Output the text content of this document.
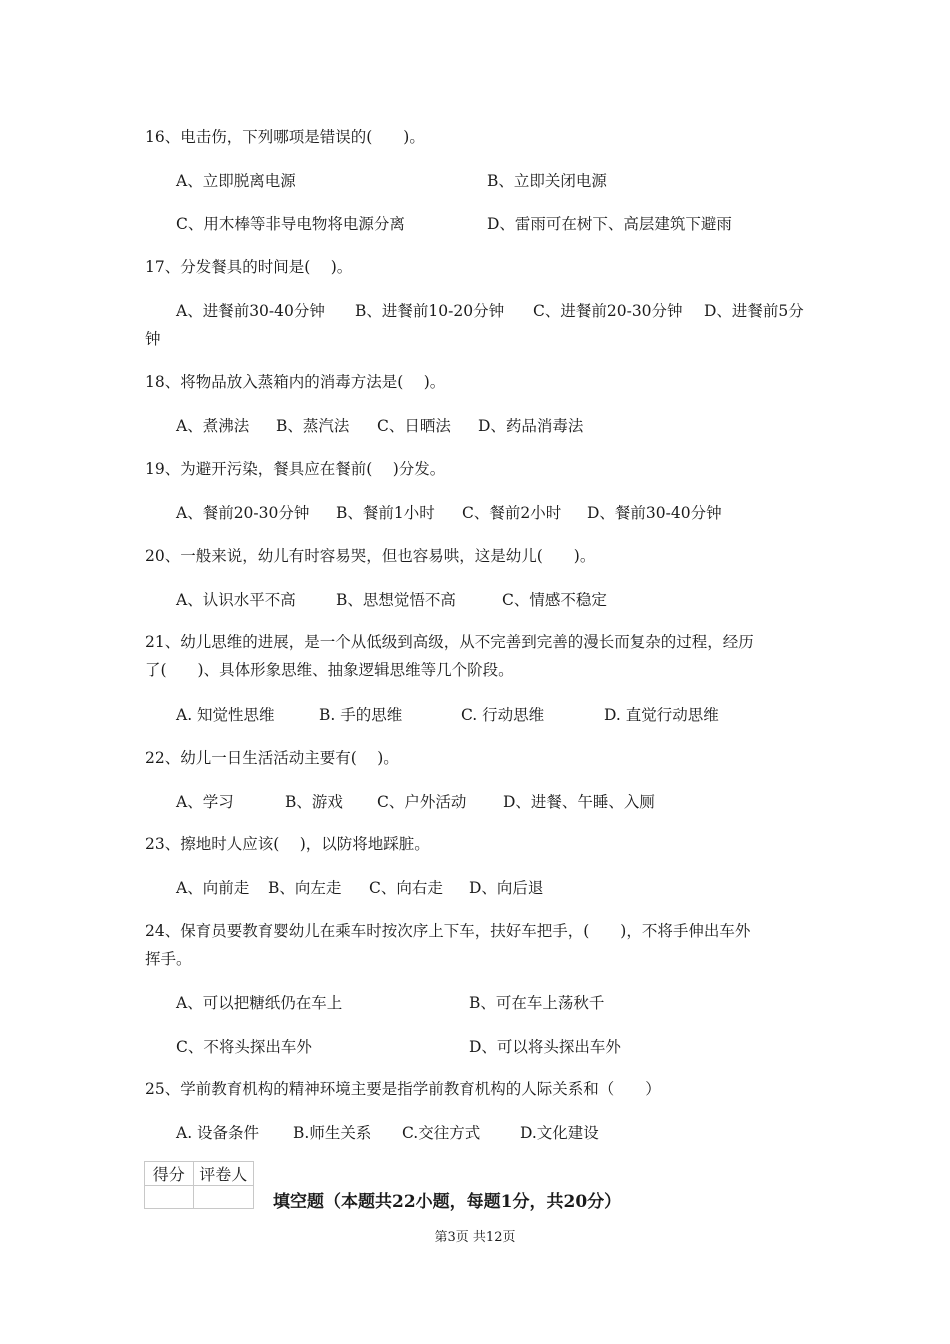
16、电击伤，下列哪项是错误的(　　)。
A、立即脱离电源	B、立即关闭电源
C、用木棒等非导电物将电源分离	D、雷雨可在树下、高层建筑下避雨
17、分发餐具的时间是(　 )。
A、进餐前30-40分钟 B、进餐前10-20分钟 C、进餐前20-30分钟 D、进餐前5分
钟
18、将物品放入蒸箱内的消毒方法是(　 )。
A、煮沸法 B、蒸汽法 C、日晒法 D、药品消毒法
19、为避开污染，餐具应在餐前(　 )分发。
A、餐前20-30分钟 B、餐前1小时 C、餐前2小时 D、餐前30-40分钟
20、一般来说，幼儿有时容易哭，但也容易哄，这是幼儿(　　)。
A、认识水平不高	B、思想觉悟不高	C、情感不稳定
21、幼儿思维的进展，是一个从低级到高级，从不完善到完善的漫长而复杂的过程，经历
了(　　)、具体形象思维、抽象逻辑思维等几个阶段。
A. 知觉性思维	B. 手的思维	C. 行动思维	D. 直觉行动思维
22、幼儿一日生活活动主要有(　 )。
A、学习	B、游戏 C、户外活动 D、进餐、午睡、入厕
23、擦地时人应该(　 )，以防将地踩脏。
A、向前走 B、向左走 C、向右走 D、向后退
24、保育员要教育婴幼儿在乘车时按次序上下车，扶好车把手，(　　)，不将手伸出车外
挥手。
A、可以把糖纸仍在车上	B、可在车上荡秋千
C、不将头探出车外	D、可以将头探出车外
25、学前教育机构的精神环境主要是指学前教育机构的人际关系和（　　）
A. 设备条件 B.师生关系 C.交往方式	D.文化建设
得分	评卷人

填空题（本题共22小题，每题1分，共20分）
第3页 共12页
